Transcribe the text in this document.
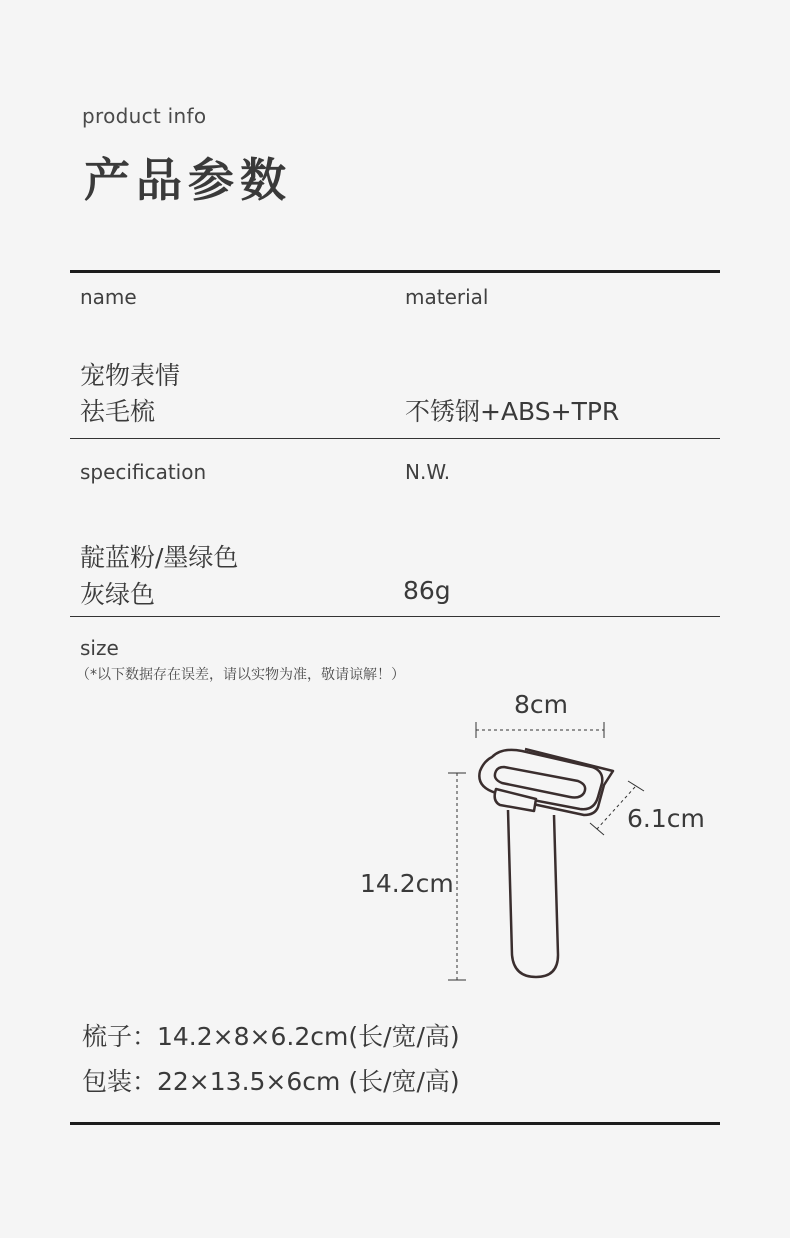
product info
产品参数
name	material
宠物表情
祛毛梳	不锈钢+ABS+TPR
specification	N.W.
靛蓝粉/墨绿色
灰绿色	86g
size
（*以下数据存在误差，请以实物为准，敬请谅解！）
8cm
6.1cm
14.2cm
梳子：14.2×8×6.2cm(长/宽/高)
包装：22×13.5×6cm (长/宽/高)
